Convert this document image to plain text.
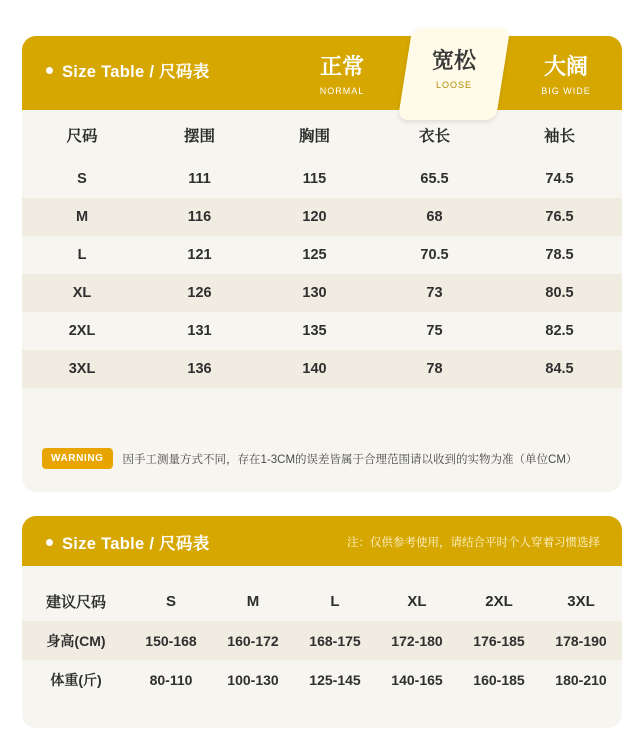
Size Table / 尺码表	正常
NORMAL
宽松
LOOSE
大阔
BIG WIDE
尺码	摆围	胸围	衣长	袖长
S	111	115	65.5	74.5
M	116	120	68	76.5
L	121	125	70.5	78.5
XL	126	130	73	80.5
2XL	131	135	75	82.5
3XL	136	140	78	84.5
WARNING	因手工测量方式不同，存在1-3CM的误差皆属于合理范围请以收到的实物为准（单位CM）
Size Table / 尺码表	注：仅供参考使用，请结合平时个人穿着习惯选择
建议尺码	S	M	L	XL	2XL	3XL
身高(CM)	150-168	160-172	168-175	172-180	176-185	178-190
体重(斤)	80-110	100-130	125-145	140-165	160-185	180-210
